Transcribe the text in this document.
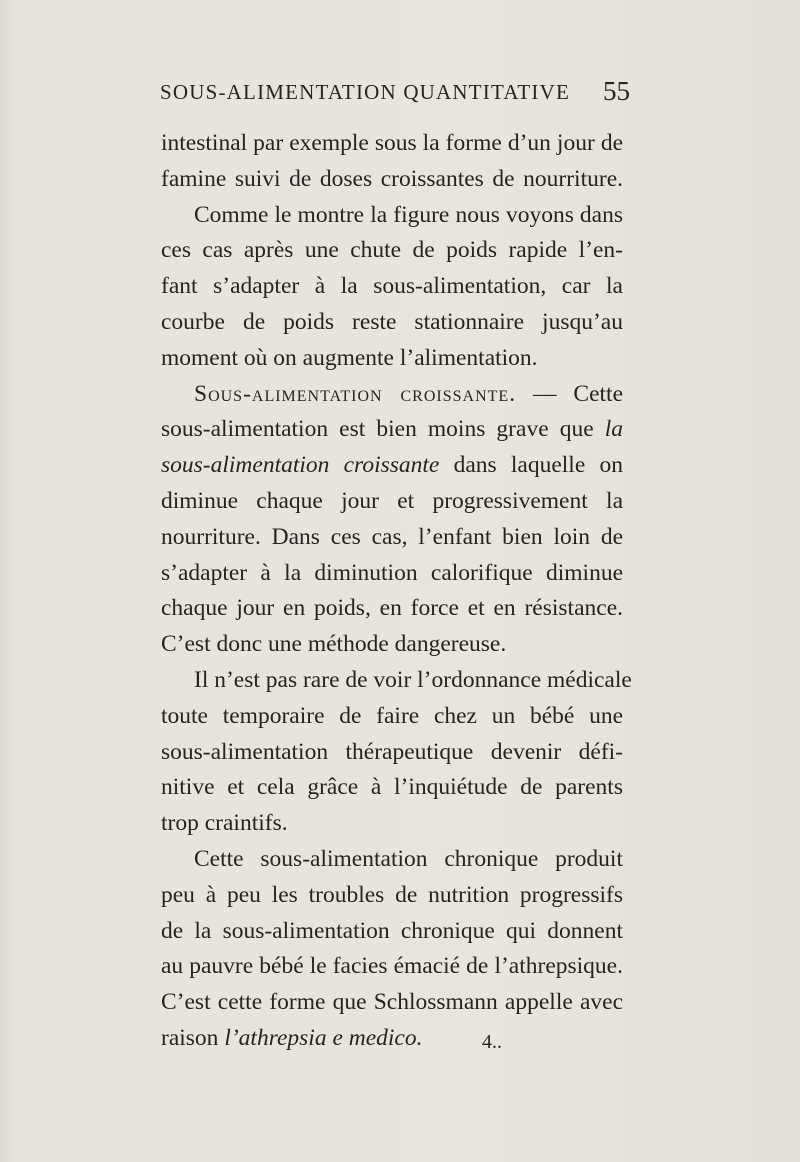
SOUS-ALIMENTATION QUANTITATIVE 55
intestinal par exemple sous la forme d’un jour de
famine suivi de doses croissantes de nourriture.
Comme le montre la figure nous voyons dans
ces cas après une chute de poids rapide l’en-
fant s’adapter à la sous-alimentation, car la
courbe de poids reste stationnaire jusqu’au
moment où on augmente l’alimentation.
Sous-alimentation croissante. — Cette
sous-alimentation est bien moins grave que la
sous-alimentation croissante dans laquelle on
diminue chaque jour et progressivement la
nourriture. Dans ces cas, l’enfant bien loin de
s’adapter à la diminution calorifique diminue
chaque jour en poids, en force et en résistance.
C’est donc une méthode dangereuse.
Il n’est pas rare de voir l’ordonnance médicale
toute temporaire de faire chez un bébé une
sous-alimentation thérapeutique devenir défi-
nitive et cela grâce à l’inquiétude de parents
trop craintifs.
Cette sous-alimentation chronique produit
peu à peu les troubles de nutrition progressifs
de la sous-alimentation chronique qui donnent
au pauvre bébé le facies émacié de l’athrepsique.
C’est cette forme que Schlossmann appelle avec
raison l’athrepsia e medico.	4..
